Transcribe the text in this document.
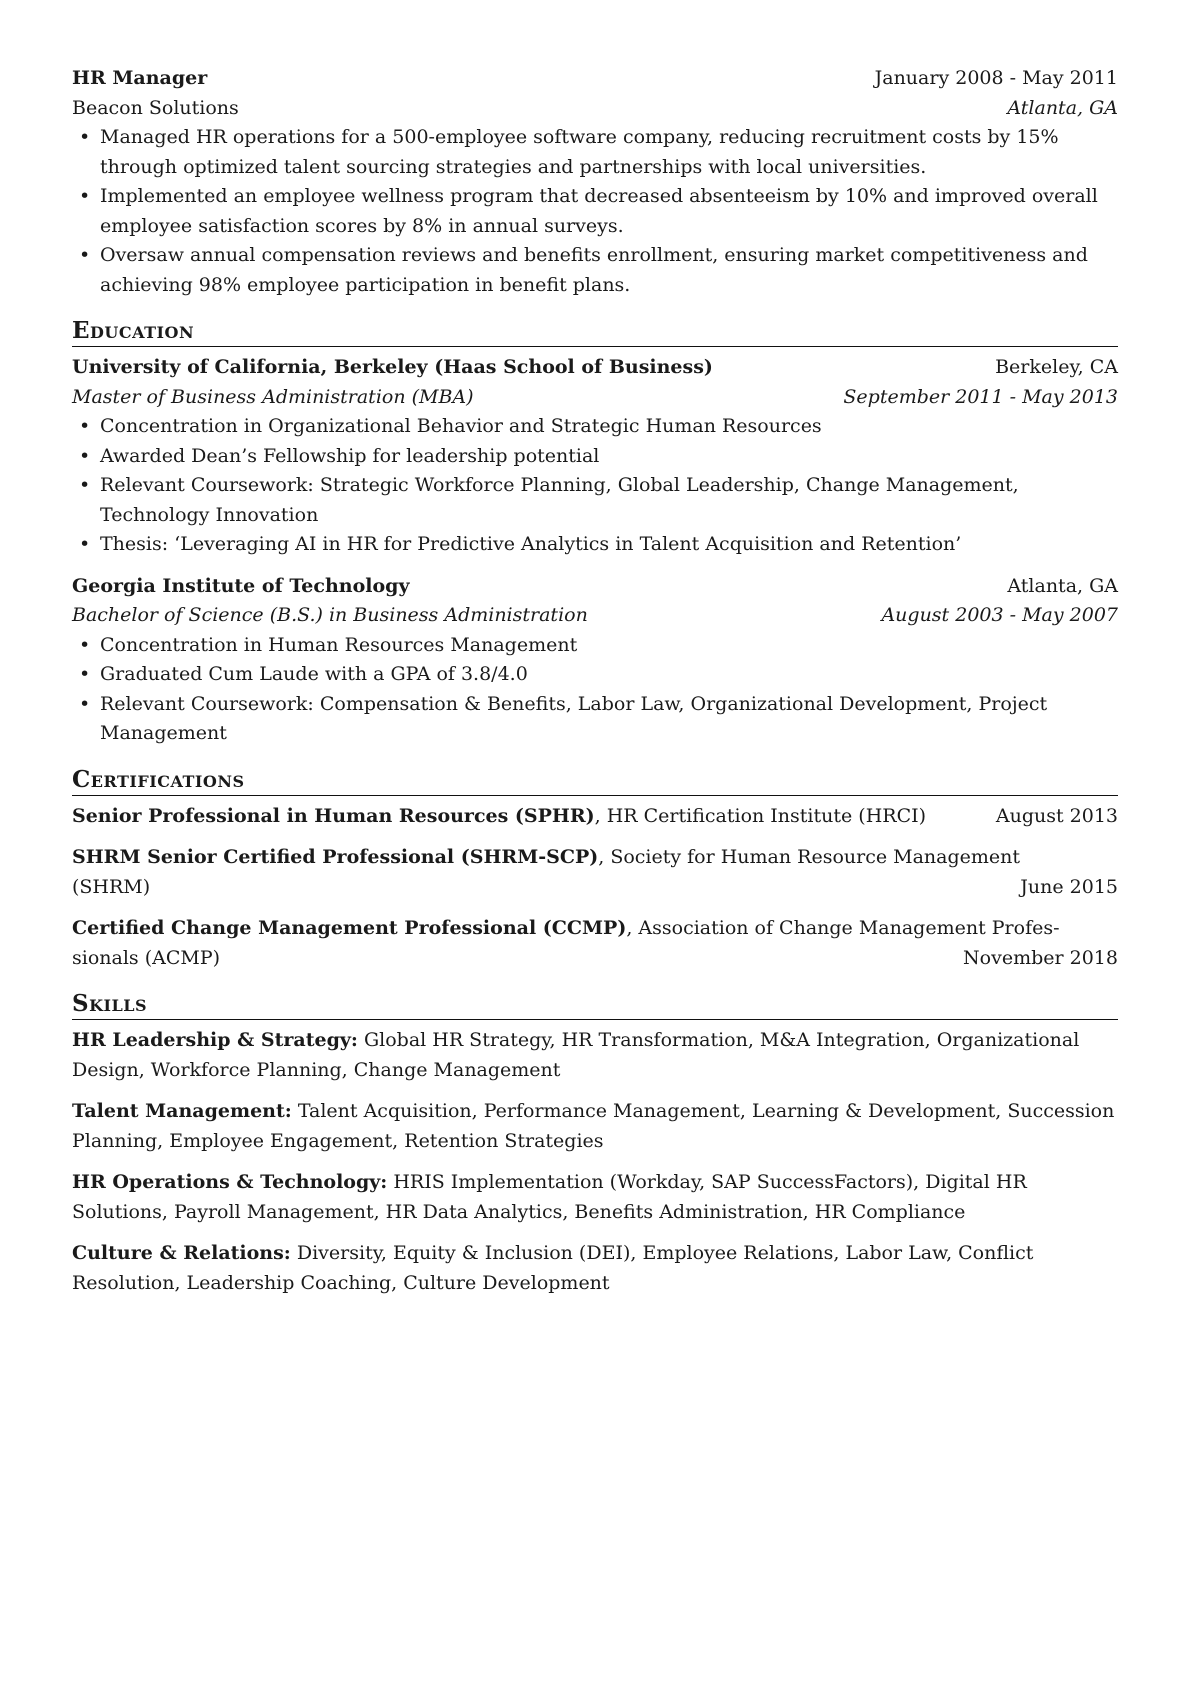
HR Manager	January 2008 - May 2011
Beacon Solutions	Atlanta, GA
• Managed HR operations for a 500-employee software company, reducing recruitment costs by 15% through optimized talent sourcing strategies and partnerships with local universities.
• Implemented an employee wellness program that decreased absenteeism by 10% and improved overall employee satisfaction scores by 8% in annual surveys.
• Oversaw annual compensation reviews and benefits enrollment, ensuring market competitiveness and achieving 98% employee participation in benefit plans.
Education
University of California, Berkeley (Haas School of Business)	Berkeley, CA
Master of Business Administration (MBA)	September 2011 - May 2013
• Concentration in Organizational Behavior and Strategic Human Resources
• Awarded Dean’s Fellowship for leadership potential
• Relevant Coursework: Strategic Workforce Planning, Global Leadership, Change Management, Technology Innovation
• Thesis: ‘Leveraging AI in HR for Predictive Analytics in Talent Acquisition and Retention’
Georgia Institute of Technology	Atlanta, GA
Bachelor of Science (B.S.) in Business Administration	August 2003 - May 2007
• Concentration in Human Resources Management
• Graduated Cum Laude with a GPA of 3.8/4.0
• Relevant Coursework: Compensation & Benefits, Labor Law, Organizational Development, Project Management
Certifications
Senior Professional in Human Resources (SPHR), HR Certification Institute (HRCI)	August 2013
SHRM Senior Certified Professional (SHRM-SCP), Society for Human Resource Management
(SHRM)	June 2015
Certified Change Management Professional (CCMP), Association of Change Management Profes-
sionals (ACMP)	November 2018
Skills
HR Leadership & Strategy: Global HR Strategy, HR Transformation, M&A Integration, Organizational Design, Workforce Planning, Change Management
Talent Management: Talent Acquisition, Performance Management, Learning & Development, Succession Planning, Employee Engagement, Retention Strategies
HR Operations & Technology: HRIS Implementation (Workday, SAP SuccessFactors), Digital HR Solutions, Payroll Management, HR Data Analytics, Benefits Administration, HR Compliance
Culture & Relations: Diversity, Equity & Inclusion (DEI), Employee Relations, Labor Law, Conflict Resolution, Leadership Coaching, Culture Development
